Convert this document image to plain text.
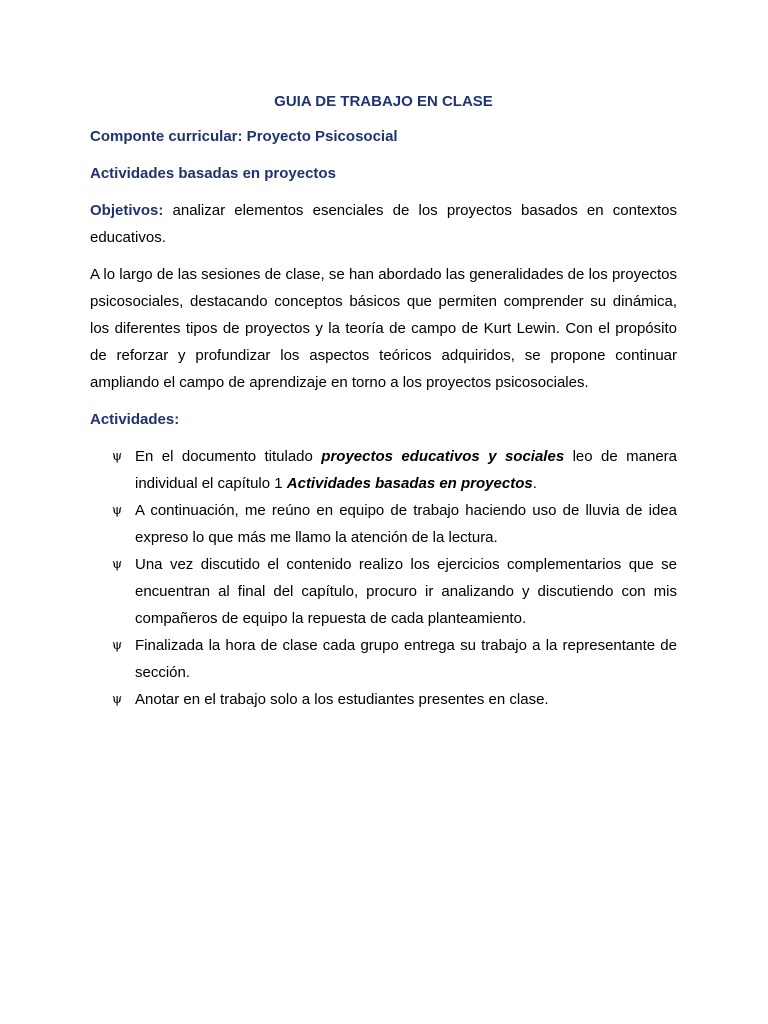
GUIA DE TRABAJO EN CLASE
Componte curricular: Proyecto Psicosocial
Actividades basadas en proyectos

Objetivos: analizar elementos esenciales de los proyectos basados en contextos educativos.

A lo largo de las sesiones de clase, se han abordado las generalidades de los proyectos psicosociales, destacando conceptos básicos que permiten comprender su dinámica, los diferentes tipos de proyectos y la teoría de campo de Kurt Lewin. Con el propósito de reforzar y profundizar los aspectos teóricos adquiridos, se propone continuar ampliando el campo de aprendizaje en torno a los proyectos psicosociales.

Actividades:
ψ En el documento titulado proyectos educativos y sociales leo de manera individual el capítulo 1 Actividades basadas en proyectos.
ψ A continuación, me reúno en equipo de trabajo haciendo uso de lluvia de idea expreso lo que más me llamo la atención de la lectura.
ψ Una vez discutido el contenido realizo los ejercicios complementarios que se encuentran al final del capítulo, procuro ir analizando y discutiendo con mis compañeros de equipo la repuesta de cada planteamiento.
ψ Finalizada la hora de clase cada grupo entrega su trabajo a la representante de sección.
ψ Anotar en el trabajo solo a los estudiantes presentes en clase.
